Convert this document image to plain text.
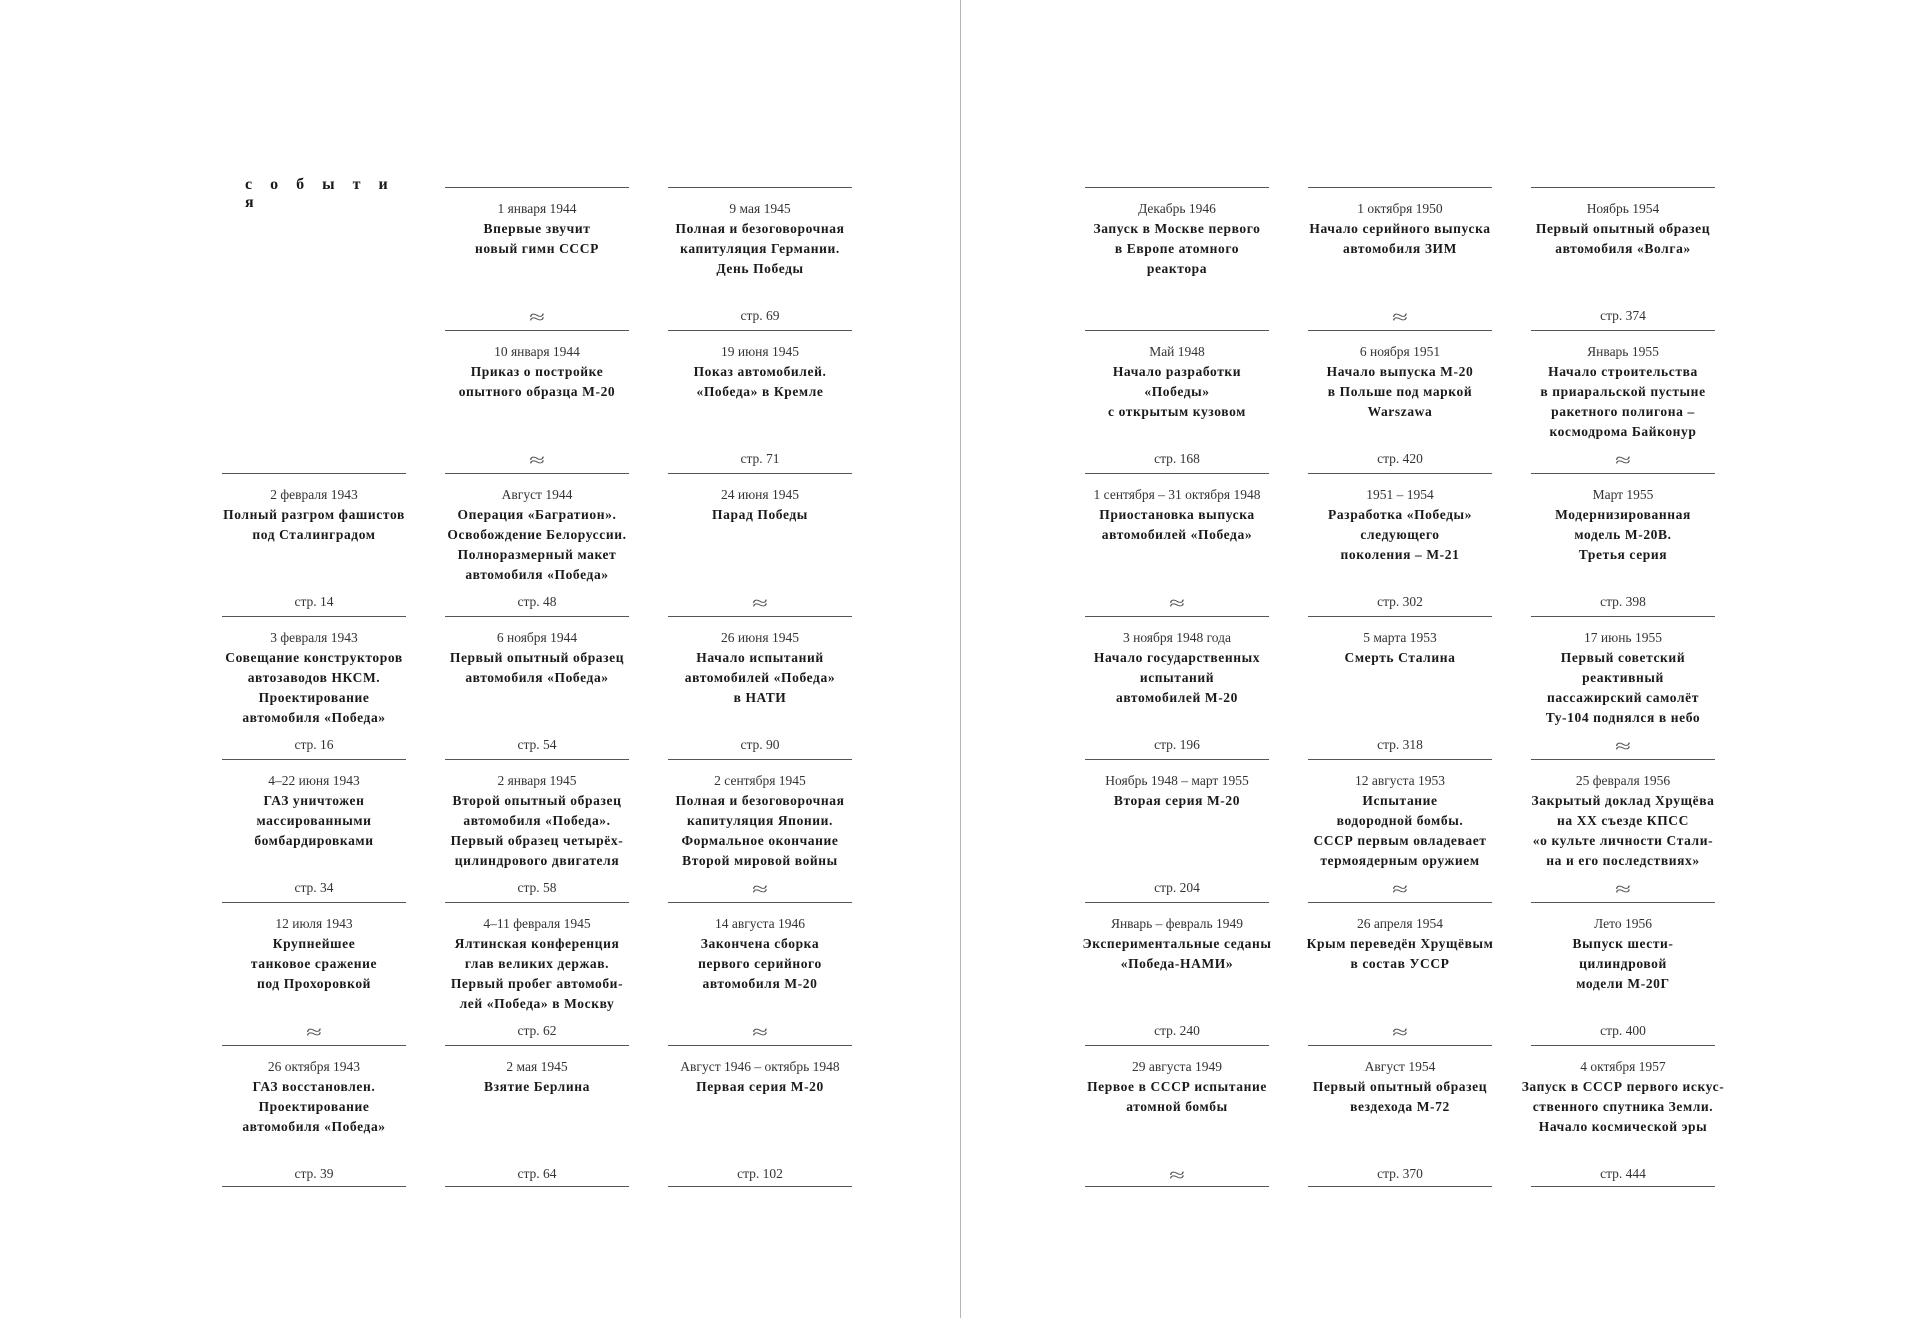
с о б ы т и я
2 февраля 1943
Полный разгром фашистов
под Сталинградом
стр. 14
3 февраля 1943
Совещание конструкторов
автозаводов НКСМ.
Проектирование
автомобиля «Победа»
стр. 16
4–22 июня 1943
ГАЗ уничтожен
массированными
бомбардировками
стр. 34
12 июля 1943
Крупнейшее
танковое сражение
под Прохоровкой
≈
26 октября 1943
ГАЗ восстановлен.
Проектирование
автомобиля «Победа»
стр. 39
1 января 1944
Впервые звучит
новый гимн СССР
≈
10 января 1944
Приказ о постройке
опытного образца М-20
≈
Август 1944
Операция «Багратион».
Освобождение Белоруссии.
Полноразмерный макет
автомобиля «Победа»
стр. 48
6 ноября 1944
Первый опытный образец
автомобиля «Победа»
стр. 54
2 января 1945
Второй опытный образец
автомобиля «Победа».
Первый образец четырёх-
цилиндрового двигателя
стр. 58
4–11 февраля 1945
Ялтинская конференция
глав великих держав.
Первый пробег автомоби-
лей «Победа» в Москву
стр. 62
2 мая 1945
Взятие Берлина
стр. 64
9 мая 1945
Полная и безоговорочная
капитуляция Германии.
День Победы
стр. 69
19 июня 1945
Показ автомобилей.
«Победа» в Кремле
стр. 71
24 июня 1945
Парад Победы
≈
26 июня 1945
Начало испытаний
автомобилей «Победа»
в НАТИ
стр. 90
2 сентября 1945
Полная и безоговорочная
капитуляция Японии.
Формальное окончание
Второй мировой войны
≈
14 августа 1946
Закончена сборка
первого серийного
автомобиля М-20
≈
Август 1946 – октябрь 1948
Первая серия М-20
стр. 102
Декабрь 1946
Запуск в Москве первого
в Европе атомного
реактора
Май 1948
Начало разработки
«Победы»
с открытым кузовом
стр. 168
1 сентября – 31 октября 1948
Приостановка выпуска
автомобилей «Победа»
≈
3 ноября 1948 года
Начало государственных
испытаний
автомобилей М-20
стр. 196
Ноябрь 1948 – март 1955
Вторая серия М-20
стр. 204
Январь – февраль 1949
Экспериментальные седаны
«Победа-НАМИ»
стр. 240
29 августа 1949
Первое в СССР испытание
атомной бомбы
≈
1 октября 1950
Начало серийного выпуска
автомобиля ЗИМ
≈
6 ноября 1951
Начало выпуска М-20
в Польше под маркой
Warszawa
стр. 420
1951 – 1954
Разработка «Победы»
следующего
поколения – М-21
стр. 302
5 марта 1953
Смерть Сталина
стр. 318
12 августа 1953
Испытание
водородной бомбы.
СССР первым овладевает
термоядерным оружием
≈
26 апреля 1954
Крым переведён Хрущёвым
в состав УССР
≈
Август 1954
Первый опытный образец
вездехода М-72
стр. 370
Ноябрь 1954
Первый опытный образец
автомобиля «Волга»
стр. 374
Январь 1955
Начало строительства
в приаральской пустыне
ракетного полигона –
космодрома Байконур
≈
Март 1955
Модернизированная
модель М-20В.
Третья серия
стр. 398
17 июнь 1955
Первый советский
реактивный
пассажирский самолёт
Ту-104 поднялся в небо
≈
25 февраля 1956
Закрытый доклад Хрущёва
на XX съезде КПСС
«о культе личности Стали-
на и его последствиях»
≈
Лето 1956
Выпуск шести-
цилиндровой
модели М-20Г
стр. 400
4 октября 1957
Запуск в СССР первого искус-
ственного спутника Земли.
Начало космической эры
стр. 444
